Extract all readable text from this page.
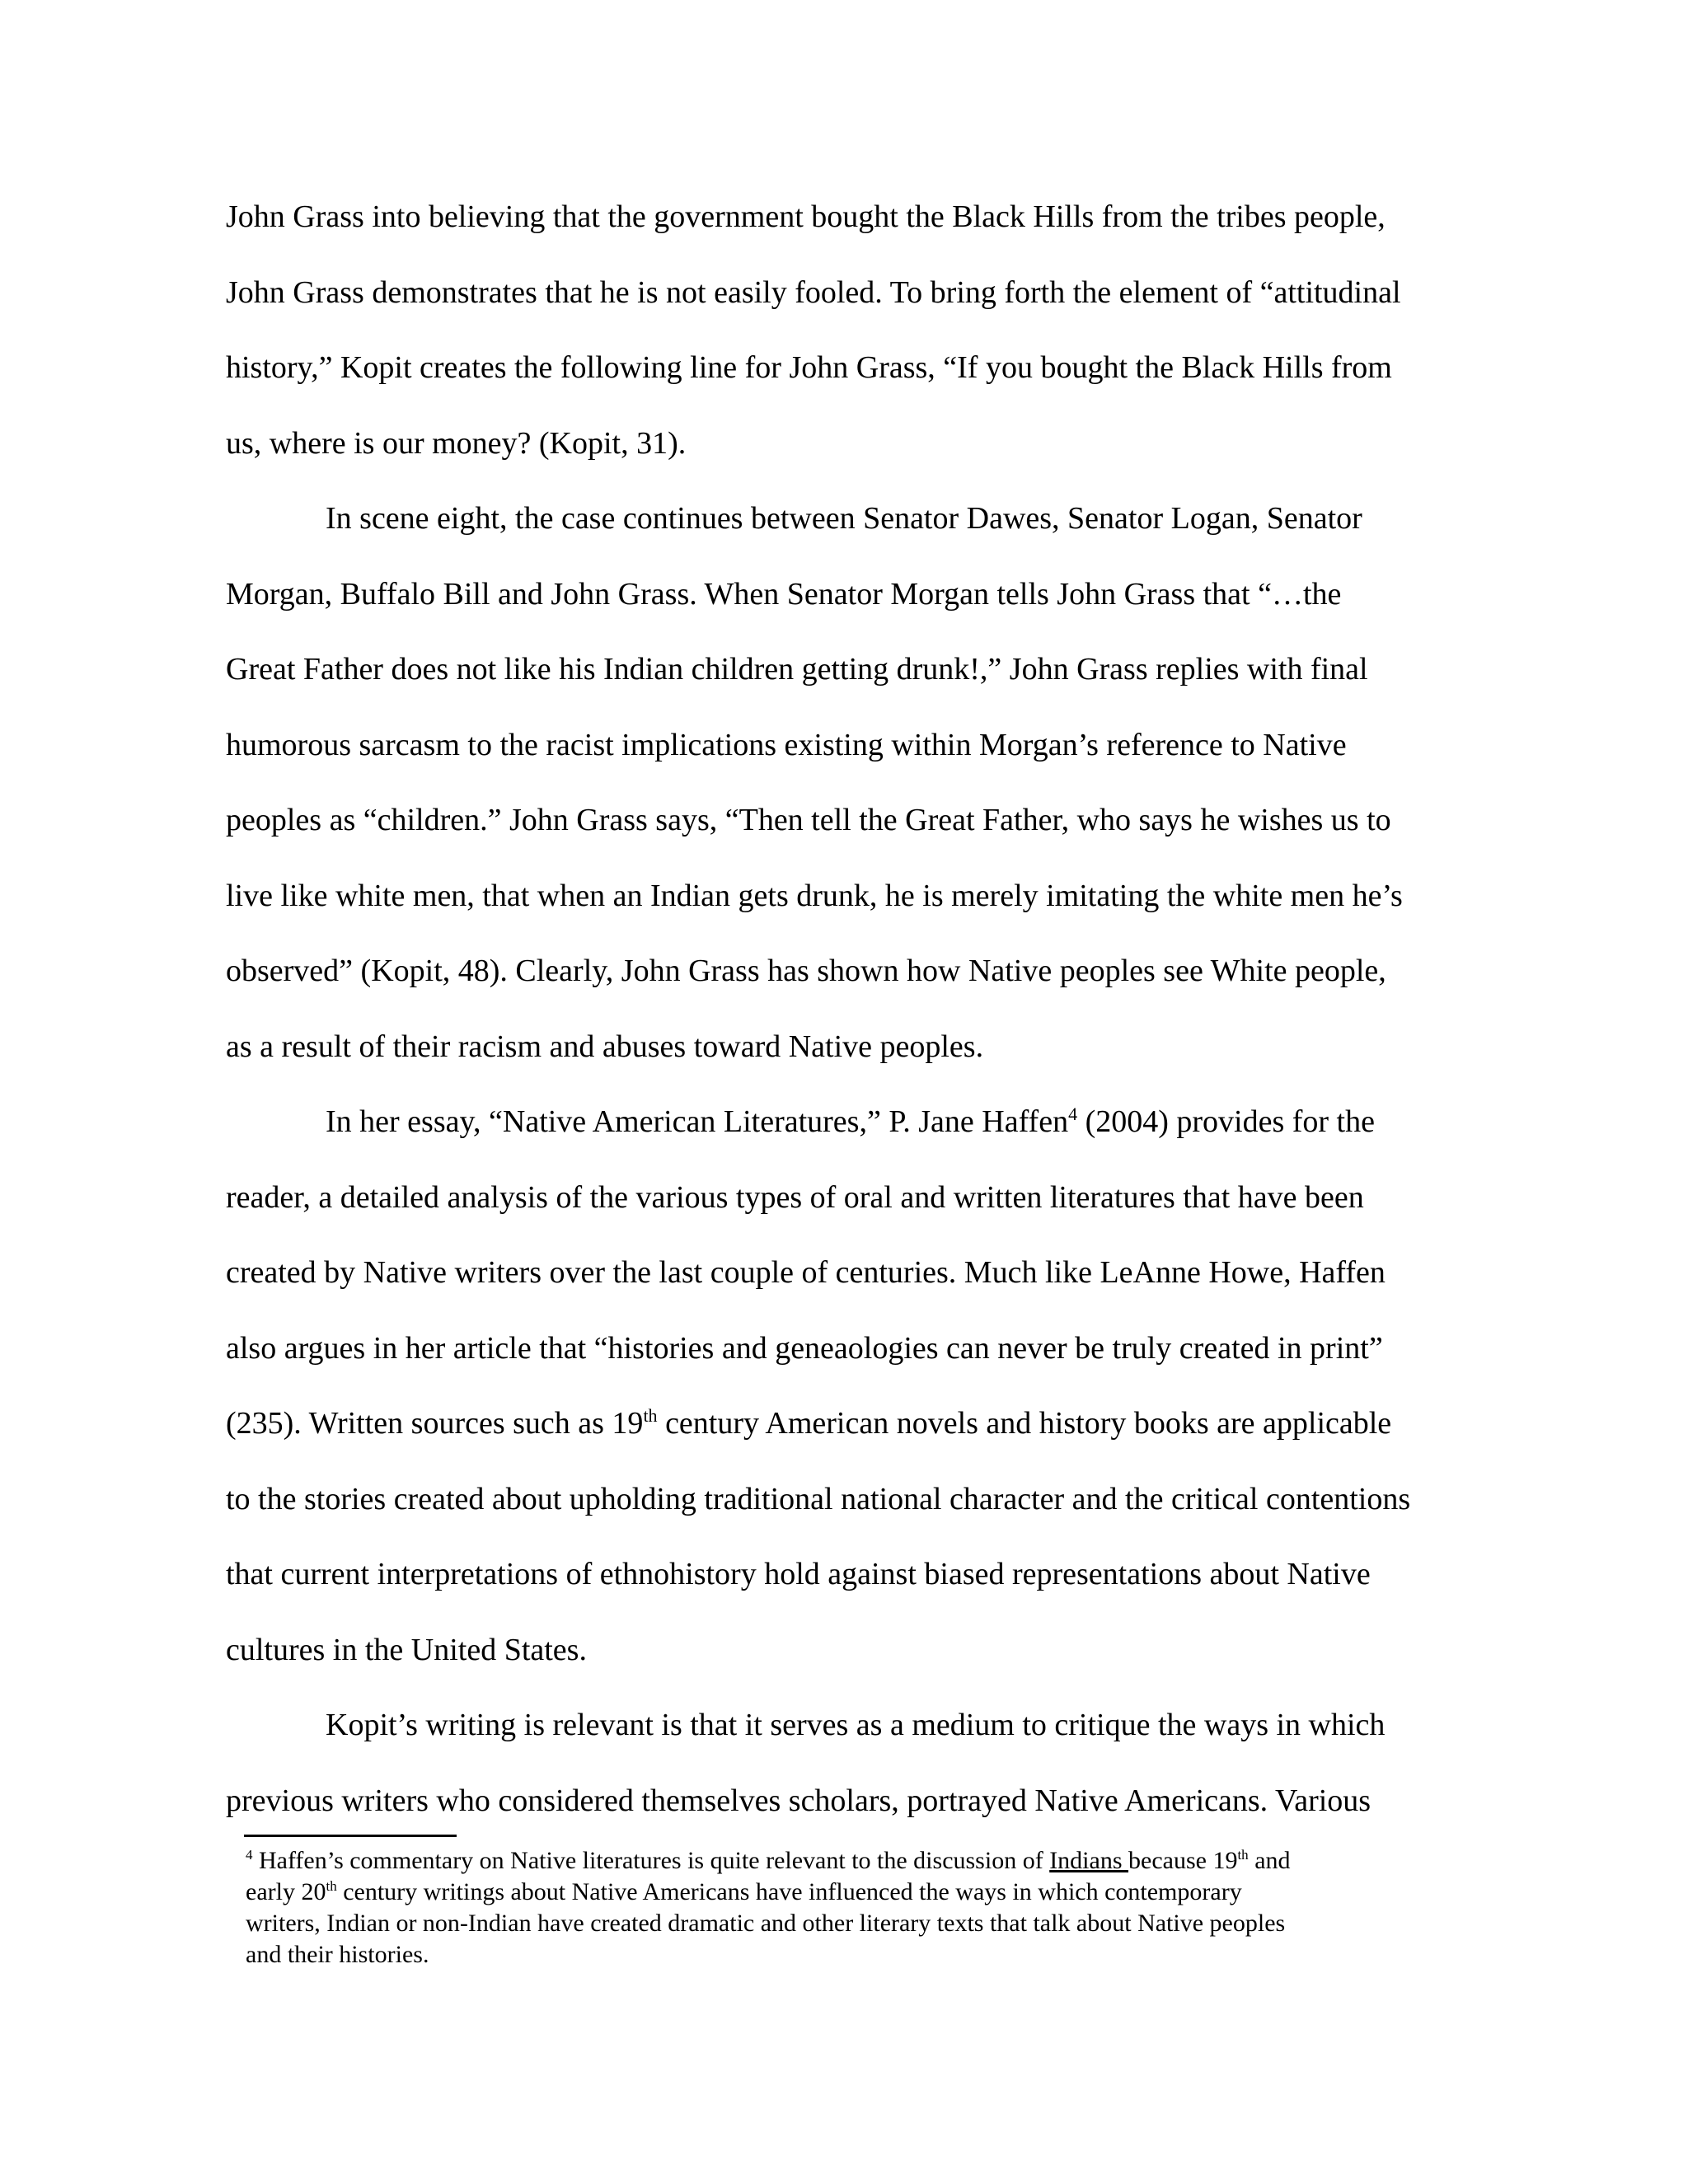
John Grass into believing that the government bought the Black Hills from the tribes people,
John Grass demonstrates that he is not easily fooled. To bring forth the element of “attitudinal
history,” Kopit creates the following line for John Grass, “If you bought the Black Hills from
us, where is our money? (Kopit, 31).
In scene eight, the case continues between Senator Dawes, Senator Logan, Senator
Morgan, Buffalo Bill and John Grass. When Senator Morgan tells John Grass that “…the
Great Father does not like his Indian children getting drunk!,” John Grass replies with final
humorous sarcasm to the racist implications existing within Morgan’s reference to Native
peoples as “children.” John Grass says, “Then tell the Great Father, who says he wishes us to
live like white men, that when an Indian gets drunk, he is merely imitating the white men he’s
observed” (Kopit, 48). Clearly, John Grass has shown how Native peoples see White people,
as a result of their racism and abuses toward Native peoples.
In her essay, “Native American Literatures,” P. Jane Haffen$^4$ (2004) provides for the
reader, a detailed analysis of the various types of oral and written literatures that have been
created by Native writers over the last couple of centuries. Much like LeAnne Howe, Haffen
also argues in her article that “histories and geneaologies can never be truly created in print”
(235). Written sources such as 19th century American novels and history books are applicable
to the stories created about upholding traditional national character and the critical contentions
that current interpretations of ethnohistory hold against biased representations about Native
cultures in the United States.
Kopit’s writing is relevant is that it serves as a medium to critique the ways in which
previous writers who considered themselves scholars, portrayed Native Americans. Various
$^4$ Haffen’s commentary on Native literatures is quite relevant to the discussion of Indians because 19th and
early 20th century writings about Native Americans have influenced the ways in which contemporary
writers, Indian or non-Indian have created dramatic and other literary texts that talk about Native peoples
and their histories.
